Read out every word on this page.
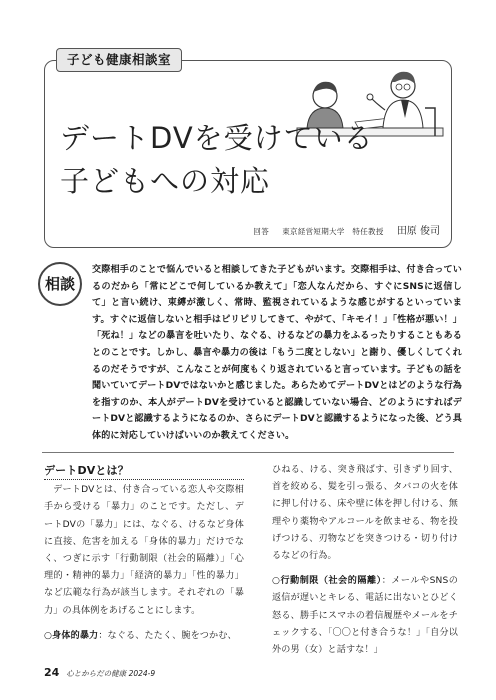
子ども健康相談室
デートDVを受けている
子どもへの対応
回答 東京経営短期大学　特任教授 田原 俊司
相談
交際相手のことで悩んでいると相談してきた子どもがいます。交際相手は、付き合っているのだから「常にどこで何しているか教えて」「恋人なんだから、すぐにSNSに返信して」と言い続け、束縛が激しく、常時、監視されているような感じがするといっています。すぐに返信しないと相手はピリピリしてきて、やがて、「キモイ！」「性格が悪い！」「死ね！」などの暴言を吐いたり、なぐる、けるなどの暴力をふるったりすることもあるとのことです。しかし、暴言や暴力の後は「もう二度としない」と謝り、優しくしてくれるのだそうですが、こんなことが何度もくり返されていると言っています。子どもの話を聞いていてデートDVではないかと感じました。あらためてデートDVとはどのような行為を指すのか、本人がデートDVを受けていると認識していない場合、どのようにすればデートDVと認識するようになるのか、さらにデートDVと認識するようになった後、どう具体的に対応していけばいいのか教えてください。
デートDVとは？

デートDVとは、付き合っている恋人や交際相手から受ける「暴力」のことです。ただし、デートDVの「暴力」には、なぐる、けるなど身体に直接、危害を加える「身体的暴力」だけでなく、つぎに示す「行動制限（社会的隔離）」「心理的・精神的暴力」「経済的暴力」「性的暴力」など広範な行為が該当します。それぞれの「暴力」の具体例をあげることにします。

○身体的暴力：なぐる、たたく、腕をつかむ、
ひねる、ける、突き飛ばす、引きずり回す、首を絞める、髪を引っ張る、タバコの火を体に押し付ける、床や壁に体を押し付ける、無理やり薬物やアルコールを飲ませる、物を投げつける、刃物などを突きつける・切り付けるなどの行為。
○行動制限（社会的隔離）：メールやSNSの返信が遅いとキレる、電話に出ないとひどく怒る、勝手にスマホの着信履歴やメールをチェックする、「〇〇と付き合うな！」「自分以外の男（女）と話すな！」
24 心とからだの健康 2024-9
